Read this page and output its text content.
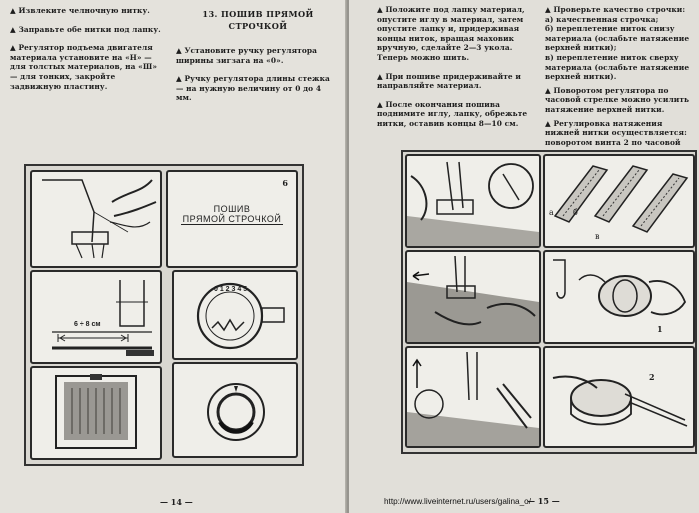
▲ Извлеките челночную нитку.

▲ Заправьте обе нитки под лапку.

▲ Регулятор подъема двигателя материала установите на «Н» — для толстых материалов, на «Ш» — для тонких, закройте задвижную пластину.

13. ПОШИВ ПРЯМОЙ
СТРОЧКОЙ

▲ Установите ручку регулятора ширины зигзага на «0».

▲ Ручку регулятора длины стежка — на нужную величину от 0 до 4 мм.

6 ÷ 8 см
6
ПОШИВ
ПРЯМОЙ СТРОЧКОЙ
0 1 2 3 4 5
— 14 —

▲ Положите под лапку материал, опустите иглу в материал, затем опустите лапку и, придерживая концы ниток, вращая маховик вручную, сделайте 2—3 укола. Теперь можно шить.

▲ При пошиве придерживайте и направляйте материал.

▲ После окончания пошива поднимите иглу, лапку, обрежьте нитки, оставив концы 8—10 см.

▲ Проверьте качество строчки:

а) качественная строчка;

б) переплетение ниток снизу материала (ослабьте натяжение верхней нитки);

в) переплетение ниток сверху материала (ослабьте натяжение верхней нитки).

▲ Поворотом регулятора по часовой стрелке можно усилить натяжение верхней нитки.

▲ Регулировка натяжения нижней нитки осуществляется: поворотом винта 2 по часовой

а б
в
1
2
— 15 —
http://www.liveinternet.ru/users/galina_o/
